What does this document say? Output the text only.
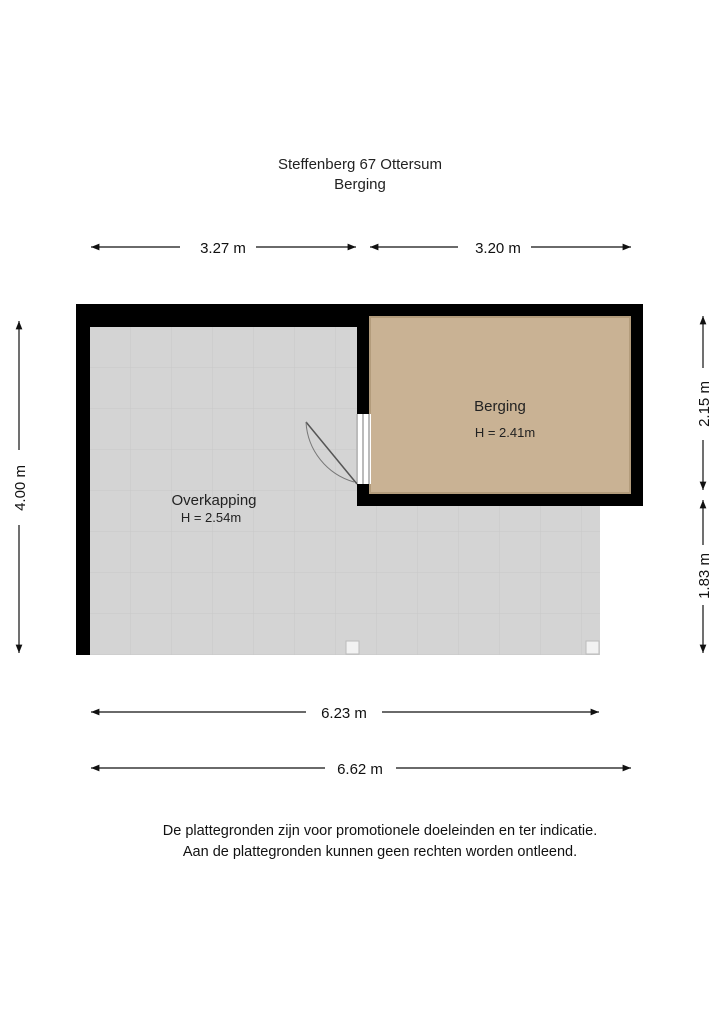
Steffenberg 67 Ottersum
Berging
Overkapping
H = 2.54m
Berging
H = 2.41m
3.27 m	3.20 m
4.00 m
2.15 m
1.83 m
6.23 m
6.62 m
De plattegronden zijn voor promotionele doeleinden en ter indicatie.
Aan de plattegronden kunnen geen rechten worden ontleend.
